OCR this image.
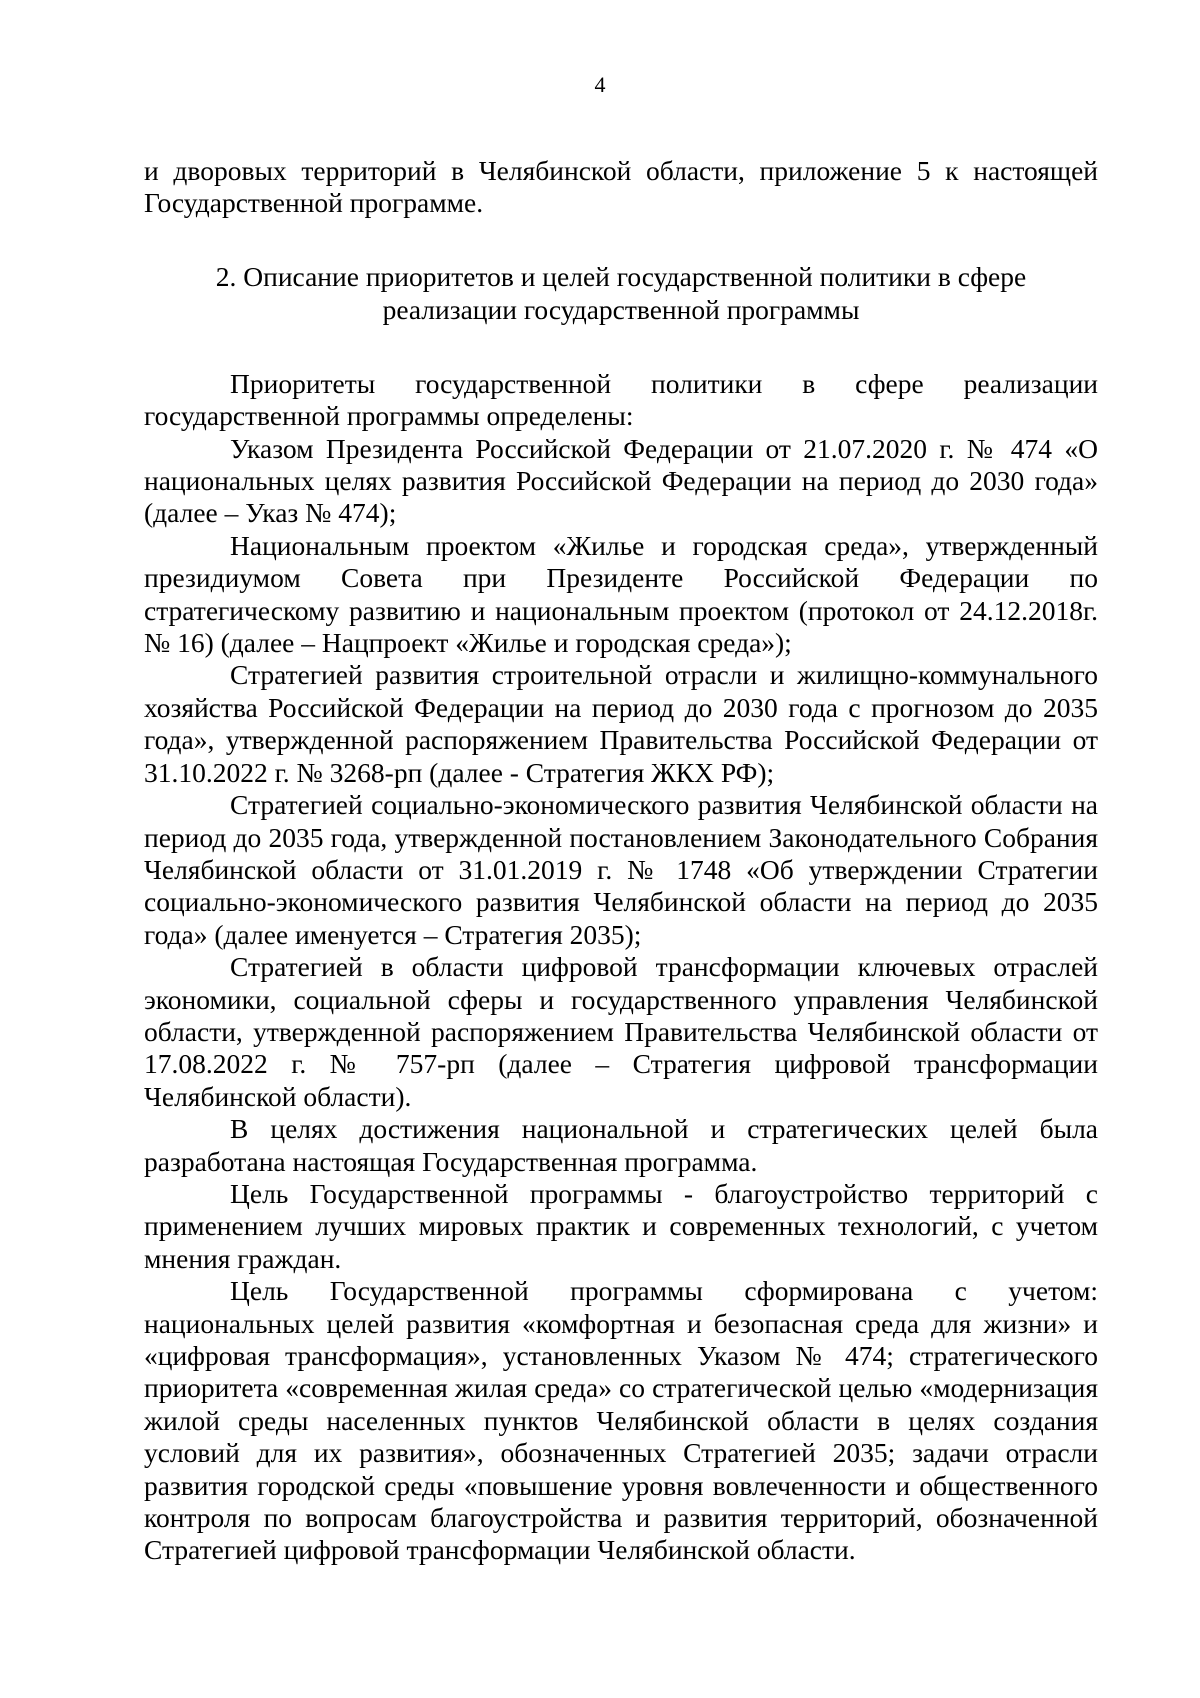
4

и дворовых территорий в Челябинской области, приложение 5 к настоящей Государственной программе.

2. Описание приоритетов и целей государственной политики в сфере
реализации государственной программы

Приоритеты государственной политики в сфере реализации государственной программы определены:

Указом Президента Российской Федерации от 21.07.2020 г. № 474 «О национальных целях развития Российской Федерации на период до 2030 года» (далее – Указ № 474);

Национальным проектом «Жилье и городская среда», утвержденный президиумом Совета при Президенте Российской Федерации по стратегическому развитию и национальным проектом (протокол от 24.12.2018г. № 16) (далее – Нацпроект «Жилье и городская среда»);

Стратегией развития строительной отрасли и жилищно-коммунального хозяйства Российской Федерации на период до 2030 года с прогнозом до 2035 года», утвержденной распоряжением Правительства Российской Федерации от 31.10.2022 г. № 3268-рп (далее - Стратегия ЖКХ РФ);

Стратегией социально-экономического развития Челябинской области на период до 2035 года, утвержденной постановлением Законодательного Собрания Челябинской области от 31.01.2019 г. № 1748 «Об утверждении Стратегии социально-экономического развития Челябинской области на период до 2035 года» (далее именуется – Стратегия 2035);

Стратегией в области цифровой трансформации ключевых отраслей экономики, социальной сферы и государственного управления Челябинской области, утвержденной распоряжением Правительства Челябинской области от 17.08.2022 г. № 757-рп (далее – Стратегия цифровой трансформации Челябинской области).

В целях достижения национальной и стратегических целей была разработана настоящая Государственная программа.

Цель Государственной программы - благоустройство территорий с применением лучших мировых практик и современных технологий, с учетом мнения граждан.

Цель Государственной программы сформирована с учетом: национальных целей развития «комфортная и безопасная среда для жизни» и «цифровая трансформация», установленных Указом № 474; стратегического приоритета «современная жилая среда» со стратегической целью «модернизация жилой среды населенных пунктов Челябинской области в целях создания условий для их развития», обозначенных Стратегией 2035; задачи отрасли развития городской среды «повышение уровня вовлеченности и общественного контроля по вопросам благоустройства и развития территорий, обозначенной Стратегией цифровой трансформации Челябинской области.
